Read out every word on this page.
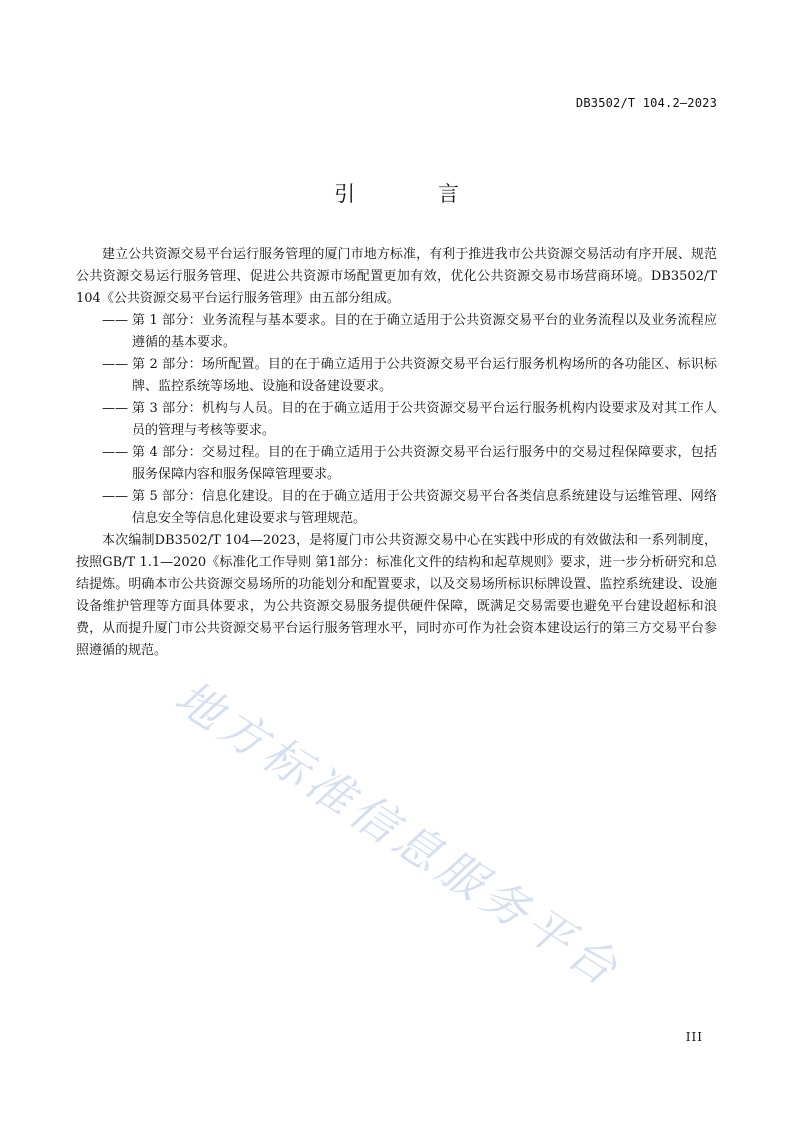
DB3502/T 104.2—2023
引 言

建立公共资源交易平台运行服务管理的厦门市地方标准，有利于推进我市公共资源交易活动有序开展、规范公共资源交易运行服务管理、促进公共资源市场配置更加有效，优化公共资源交易市场营商环境。DB3502/T 104《公共资源交易平台运行服务管理》由五部分组成。

——
第 1 部分：业务流程与基本要求。目的在于确立适用于公共资源交易平台的业务流程以及业务流程应遵循的基本要求。
——
第 2 部分：场所配置。目的在于确立适用于公共资源交易平台运行服务机构场所的各功能区、标识标牌、监控系统等场地、设施和设备建设要求。
——
第 3 部分：机构与人员。目的在于确立适用于公共资源交易平台运行服务机构内设要求及对其工作人员的管理与考核等要求。
——
第 4 部分：交易过程。目的在于确立适用于公共资源交易平台运行服务中的交易过程保障要求，包括服务保障内容和服务保障管理要求。
——
第 5 部分：信息化建设。目的在于确立适用于公共资源交易平台各类信息系统建设与运维管理、网络信息安全等信息化建设要求与管理规范。

本次编制DB3502/T 104—2023，是将厦门市公共资源交易中心在实践中形成的有效做法和一系列制度，按照GB/T 1.1—2020《标准化工作导则 第1部分：标准化文件的结构和起草规则》要求，进一步分析研究和总结提炼。明确本市公共资源交易场所的功能划分和配置要求，以及交易场所标识标牌设置、监控系统建设、设施设备维护管理等方面具体要求，为公共资源交易服务提供硬件保障，既满足交易需要也避免平台建设超标和浪费，从而提升厦门市公共资源交易平台运行服务管理水平，同时亦可作为社会资本建设运行的第三方交易平台参照遵循的规范。

地方标准信息服务平台
III
